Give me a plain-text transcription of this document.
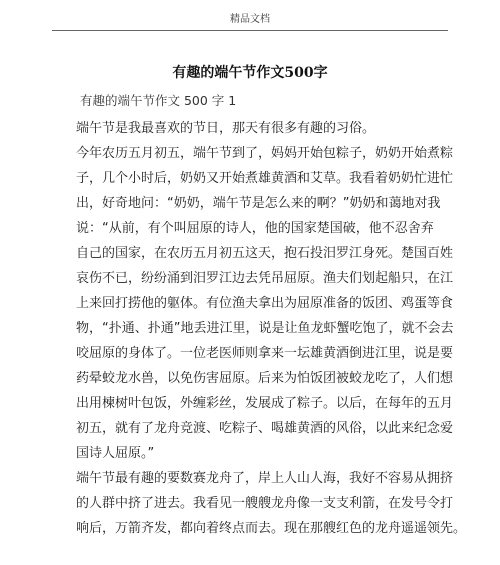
精品文档
有趣的端午节作文500字
有趣的端午节作文 500 字 1
端午节是我最喜欢的节日，那天有很多有趣的习俗。
今年农历五月初五，端午节到了，妈妈开始包粽子，奶奶开始煮粽
子，几个小时后，奶奶又开始煮雄黄酒和艾草。我看着奶奶忙进忙
出，好奇地问：“奶奶，端午节是怎么来的啊？”奶奶和蔼地对我
说：“从前，有个叫屈原的诗人，他的国家楚国破，他不忍舍弃
自己的国家，在农历五月初五这天，抱石投汨罗江身死。楚国百姓
哀伤不已，纷纷涌到汨罗江边去凭吊屈原。渔夫们划起船只，在江
上来回打捞他的躯体。有位渔夫拿出为屈原准备的饭团、鸡蛋等食
物，“扑通、扑通”地丢进江里，说是让鱼龙虾蟹吃饱了，就不会去
咬屈原的身体了。一位老医师则拿来一坛雄黄酒倒进江里，说是要
药晕蛟龙水兽，以免伤害屈原。后来为怕饭团被蛟龙吃了，人们想
出用楝树叶包饭，外缠彩丝，发展成了粽子。以后，在每年的五月
初五，就有了龙舟竞渡、吃粽子、喝雄黄酒的风俗，以此来纪念爱
国诗人屈原。”
端午节最有趣的要数赛龙舟了，岸上人山人海，我好不容易从拥挤
的人群中挤了进去。我看见一艘艘龙舟像一支支利箭，在发号令打
响后，万箭齐发，都向着终点而去。现在那艘红色的龙舟遥遥领先。
